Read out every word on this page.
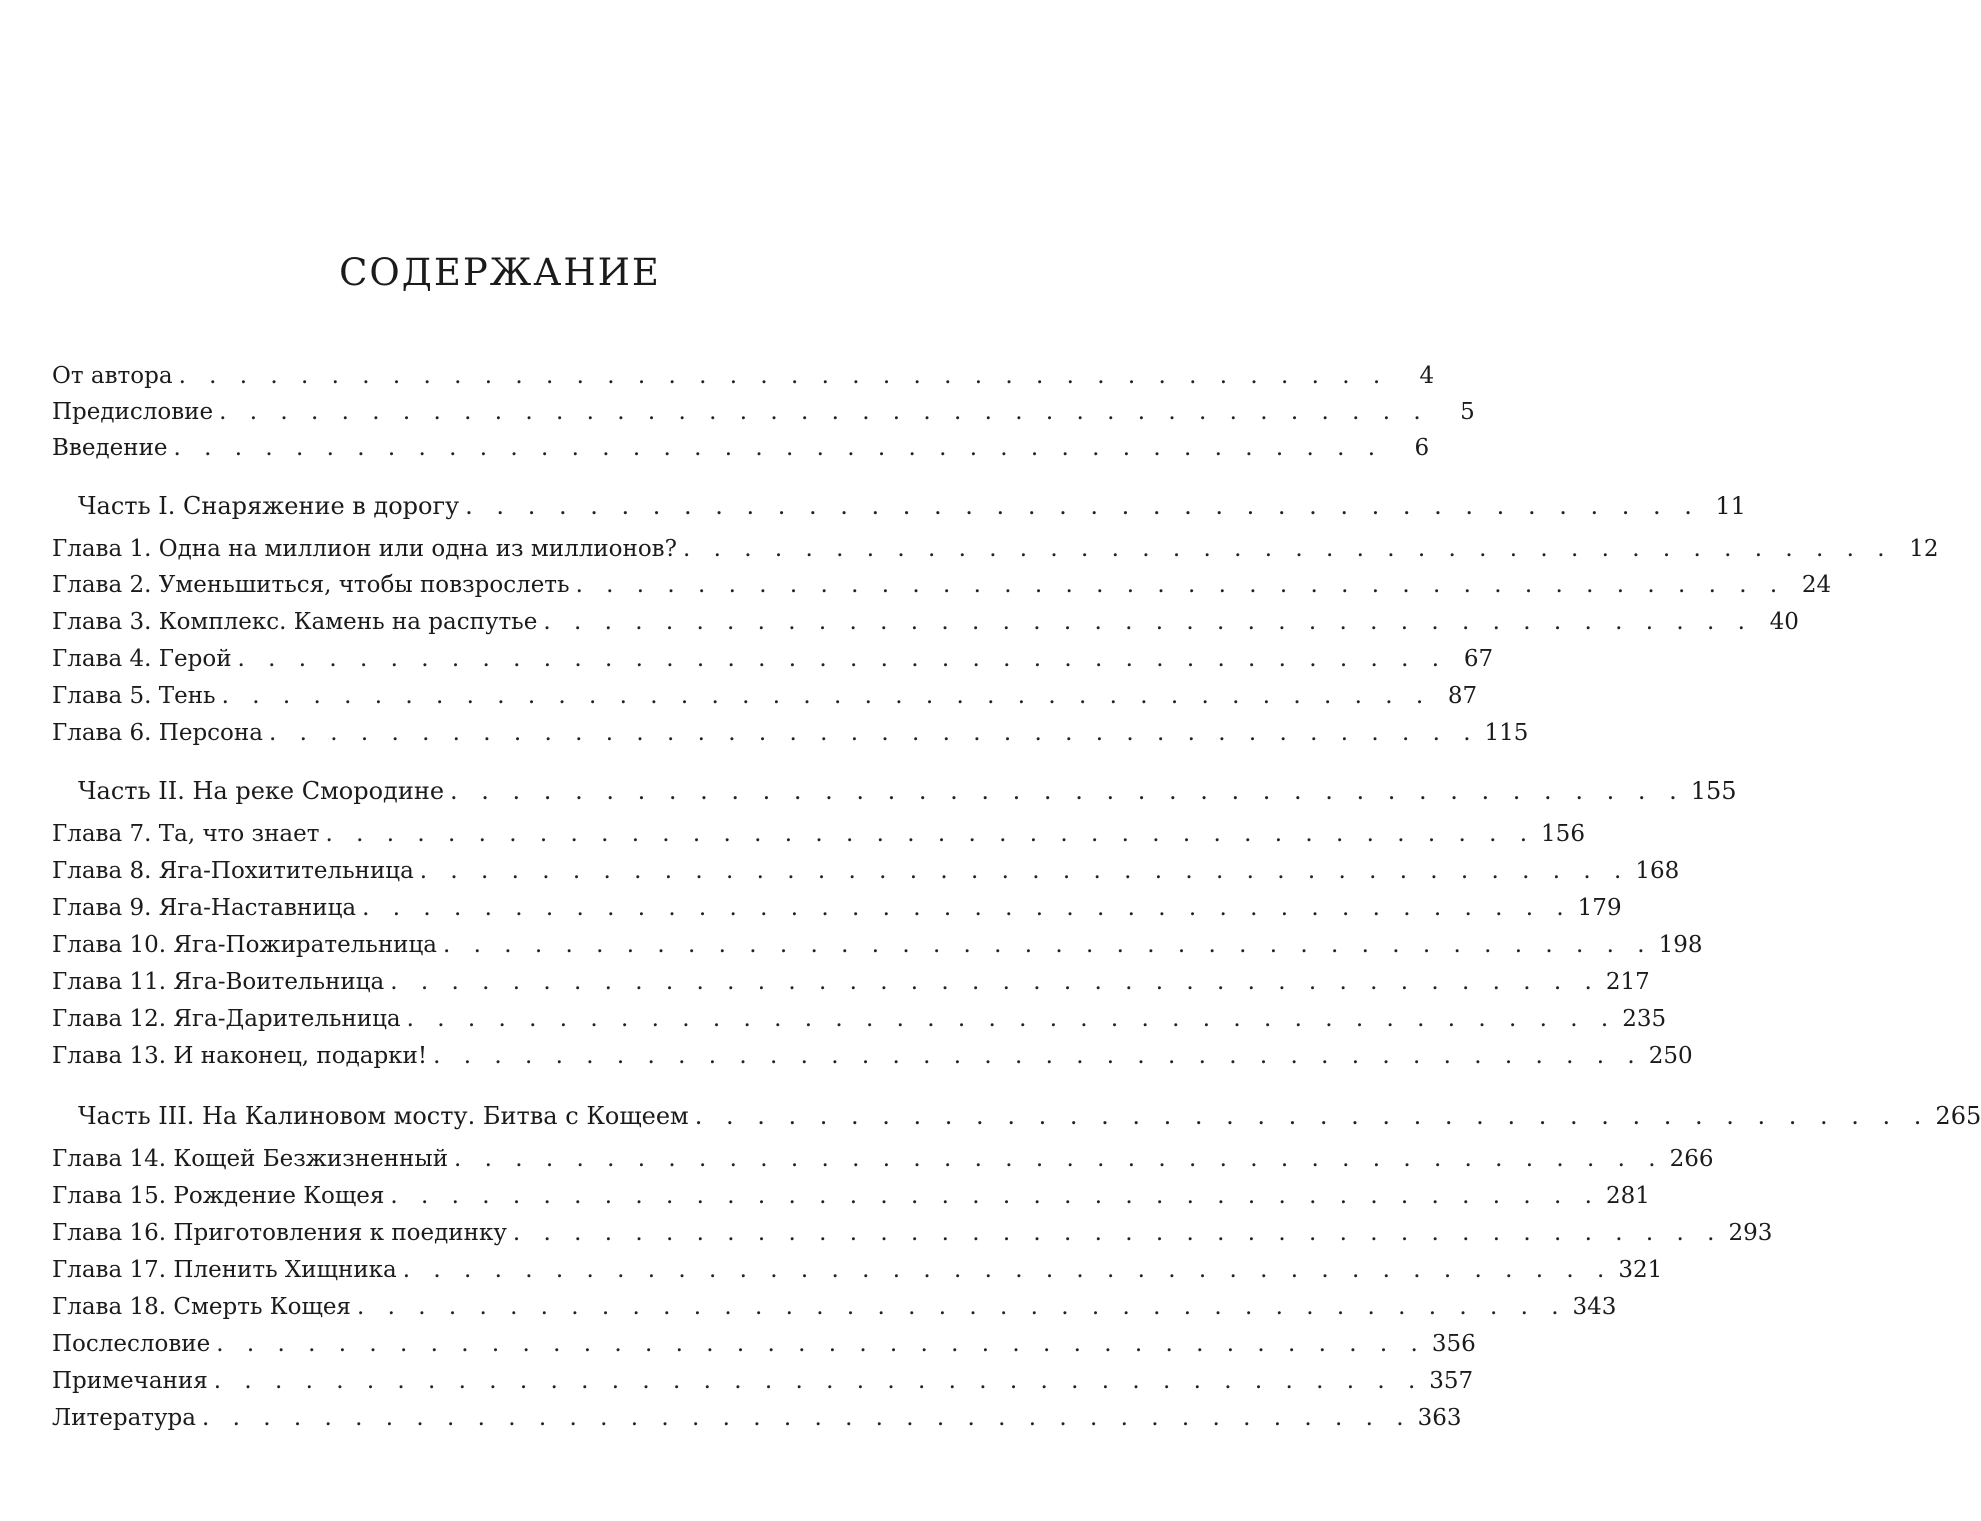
СОДЕРЖАНИЕ
От автора . . . . . . . . . . . . . . . . . . . . . . . . . . . . . . . . . . . . . . . .	4
Предисловие . . . . . . . . . . . . . . . . . . . . . . . . . . . . . . . . . . . . . . . .	5
Введение . . . . . . . . . . . . . . . . . . . . . . . . . . . . . . . . . . . . . . . .	6
Часть I. Снаряжение в дорогу . . . . . . . . . . . . . . . . . . . . . . . . . . . . . . . . . . . . . . . . 11
Глава 1. Одна на миллион или одна из миллионов? . . . . . . . . . . . . . . . . . . . . . . . . . . . . . . . . . . . . . . . . 12
Глава 2. Уменьшиться, чтобы повзрослеть . . . . . . . . . . . . . . . . . . . . . . . . . . . . . . . . . . . . . . . . 24
Глава 3. Комплекс. Камень на распутье . . . . . . . . . . . . . . . . . . . . . . . . . . . . . . . . . . . . . . . . 40
Глава 4. Герой . . . . . . . . . . . . . . . . . . . . . . . . . . . . . . . . . . . . . . . . 67
Глава 5. Тень . . . . . . . . . . . . . . . . . . . . . . . . . . . . . . . . . . . . . . . . 87
Глава 6. Персона . . . . . . . . . . . . . . . . . . . . . . . . . . . . . . . . . . . . . . . . 115
Часть II. На реке Смородине . . . . . . . . . . . . . . . . . . . . . . . . . . . . . . . . . . . . . . . . 155
Глава 7. Та, что знает . . . . . . . . . . . . . . . . . . . . . . . . . . . . . . . . . . . . . . . . 156
Глава 8. Яга-Похитительница . . . . . . . . . . . . . . . . . . . . . . . . . . . . . . . . . . . . . . . . 168
Глава 9. Яга-Наставница . . . . . . . . . . . . . . . . . . . . . . . . . . . . . . . . . . . . . . . . 179
Глава 10. Яга-Пожирательница . . . . . . . . . . . . . . . . . . . . . . . . . . . . . . . . . . . . . . . . 198
Глава 11. Яга-Воительница . . . . . . . . . . . . . . . . . . . . . . . . . . . . . . . . . . . . . . . . 217
Глава 12. Яга-Дарительница . . . . . . . . . . . . . . . . . . . . . . . . . . . . . . . . . . . . . . . . 235
Глава 13. И наконец, подарки! . . . . . . . . . . . . . . . . . . . . . . . . . . . . . . . . . . . . . . . . 250
Часть III. На Калиновом мосту. Битва с Кощеем . . . . . . . . . . . . . . . . . . . . . . . . . . . . . . . . . . . . . . . . 265
Глава 14. Кощей Безжизненный . . . . . . . . . . . . . . . . . . . . . . . . . . . . . . . . . . . . . . . . 266
Глава 15. Рождение Кощея . . . . . . . . . . . . . . . . . . . . . . . . . . . . . . . . . . . . . . . . 281
Глава 16. Приготовления к поединку . . . . . . . . . . . . . . . . . . . . . . . . . . . . . . . . . . . . . . . . 293
Глава 17. Пленить Хищника . . . . . . . . . . . . . . . . . . . . . . . . . . . . . . . . . . . . . . . . 321
Глава 18. Смерть Кощея . . . . . . . . . . . . . . . . . . . . . . . . . . . . . . . . . . . . . . . . 343
Послесловие . . . . . . . . . . . . . . . . . . . . . . . . . . . . . . . . . . . . . . . . 356
Примечания . . . . . . . . . . . . . . . . . . . . . . . . . . . . . . . . . . . . . . . . 357
Литература . . . . . . . . . . . . . . . . . . . . . . . . . . . . . . . . . . . . . . . . 363
